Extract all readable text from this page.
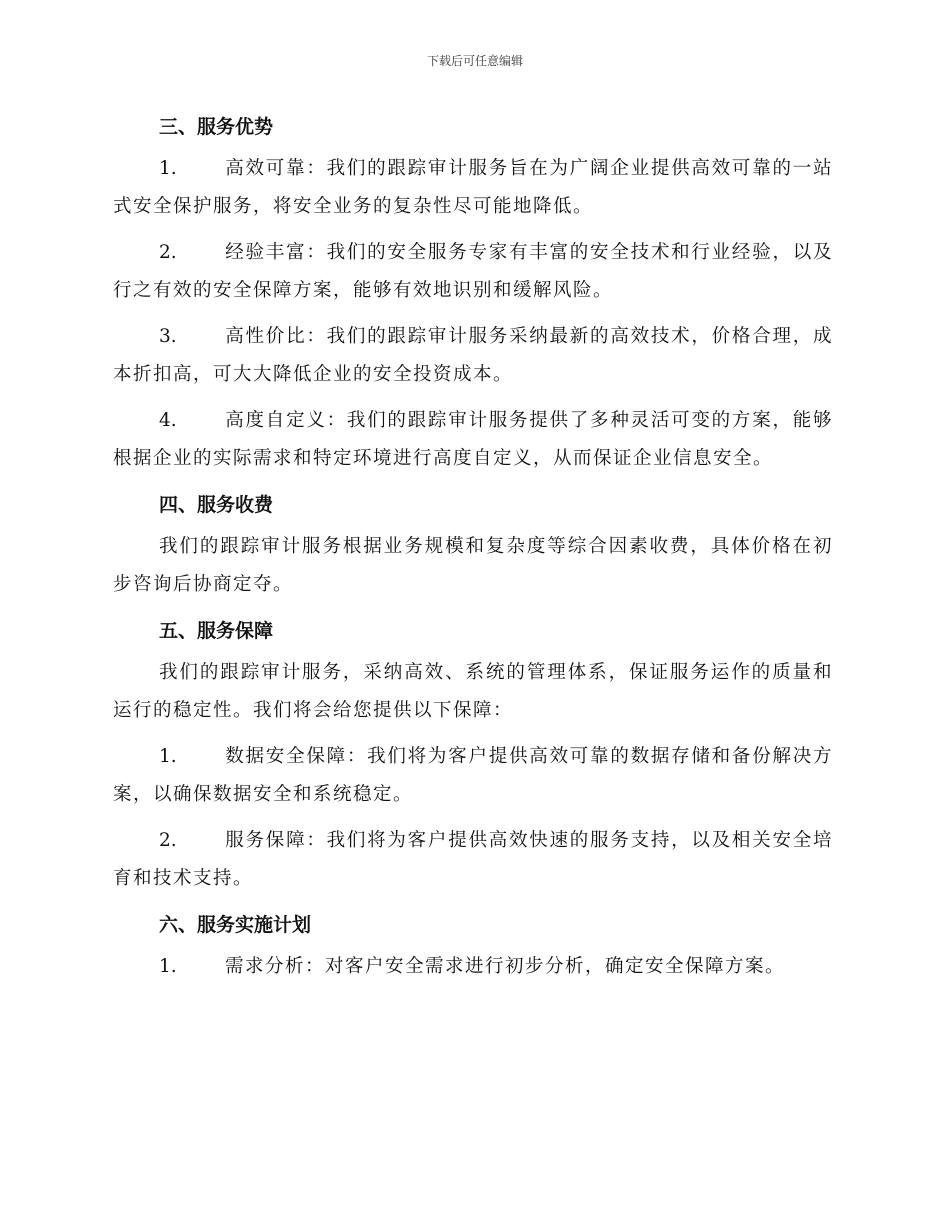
下载后可任意编辑
三、服务优势
1.	高效可靠：我们的跟踪审计服务旨在为广阔企业提供高效可靠的一站式安全保护服务，将安全业务的复杂性尽可能地降低。
2.	经验丰富：我们的安全服务专家有丰富的安全技术和行业经验，以及行之有效的安全保障方案，能够有效地识别和缓解风险。
3.	高性价比：我们的跟踪审计服务采纳最新的高效技术，价格合理，成本折扣高，可大大降低企业的安全投资成本。
4.	高度自定义：我们的跟踪审计服务提供了多种灵活可变的方案，能够根据企业的实际需求和特定环境进行高度自定义，从而保证企业信息安全。
四、服务收费
我们的跟踪审计服务根据业务规模和复杂度等综合因素收费，具体价格在初步咨询后协商定夺。
五、服务保障
我们的跟踪审计服务，采纳高效、系统的管理体系，保证服务运作的质量和运行的稳定性。我们将会给您提供以下保障：
1.	数据安全保障：我们将为客户提供高效可靠的数据存储和备份解决方案，以确保数据安全和系统稳定。
2.	服务保障：我们将为客户提供高效快速的服务支持，以及相关安全培育和技术支持。
六、服务实施计划
1.	需求分析：对客户安全需求进行初步分析，确定安全保障方案。
